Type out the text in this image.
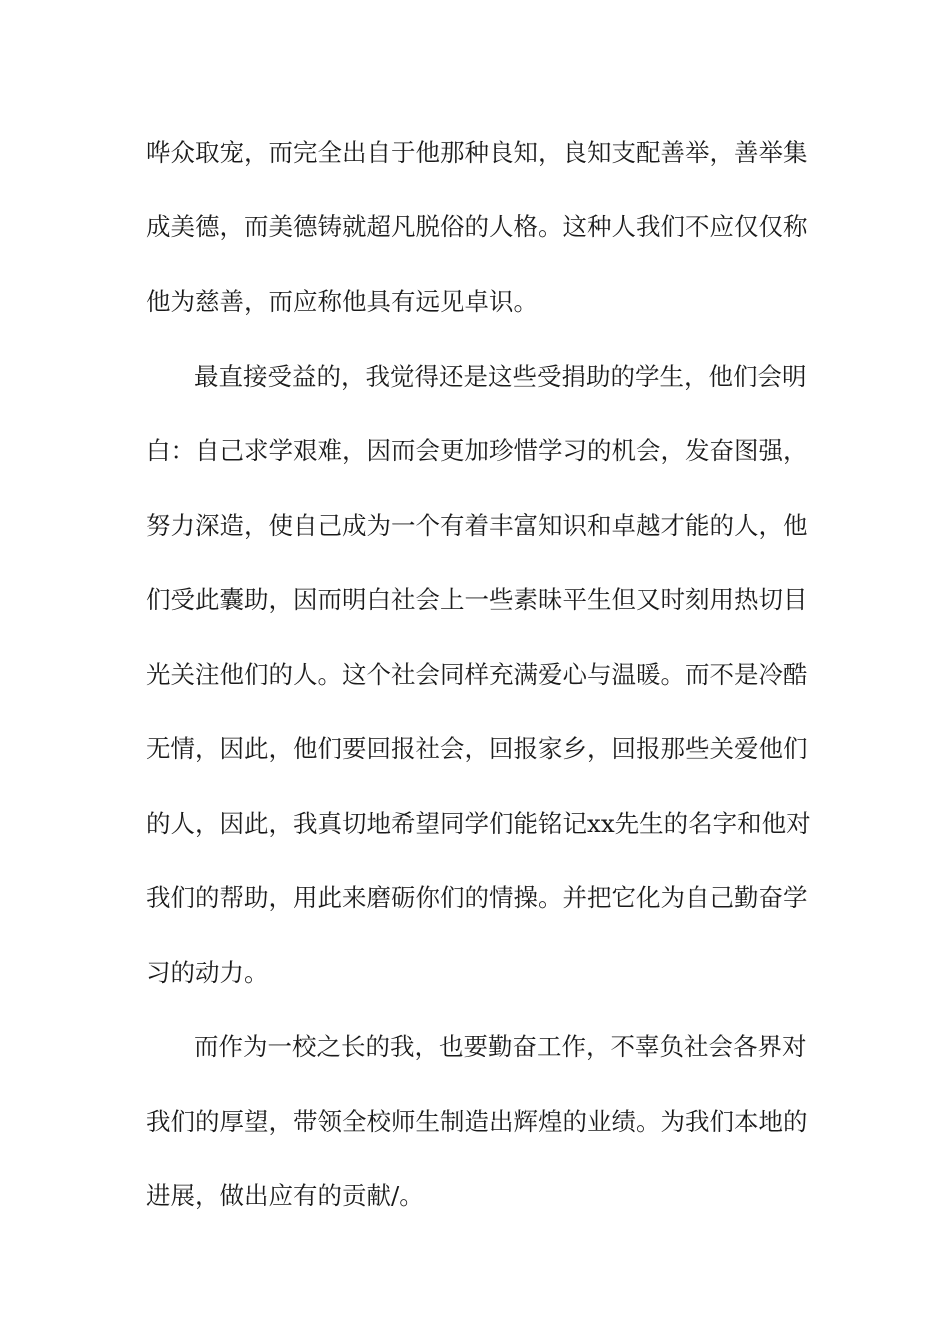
哗众取宠，而完全出自于他那种良知，良知支配善举，善举集
成美德，而美德铸就超凡脱俗的人格。这种人我们不应仅仅称
他为慈善，而应称他具有远见卓识。
最直接受益的，我觉得还是这些受捐助的学生，他们会明
白：自己求学艰难，因而会更加珍惜学习的机会，发奋图强，
努力深造，使自己成为一个有着丰富知识和卓越才能的人，他
们受此囊助，因而明白社会上一些素昧平生但又时刻用热切目
光关注他们的人。这个社会同样充满爱心与温暖。而不是冷酷
无情，因此，他们要回报社会，回报家乡，回报那些关爱他们
的人，因此，我真切地希望同学们能铭记xx先生的名字和他对
我们的帮助，用此来磨砺你们的情操。并把它化为自己勤奋学
习的动力。
而作为一校之长的我，也要勤奋工作，不辜负社会各界对
我们的厚望，带领全校师生制造出辉煌的业绩。为我们本地的
进展，做出应有的贡献/。
